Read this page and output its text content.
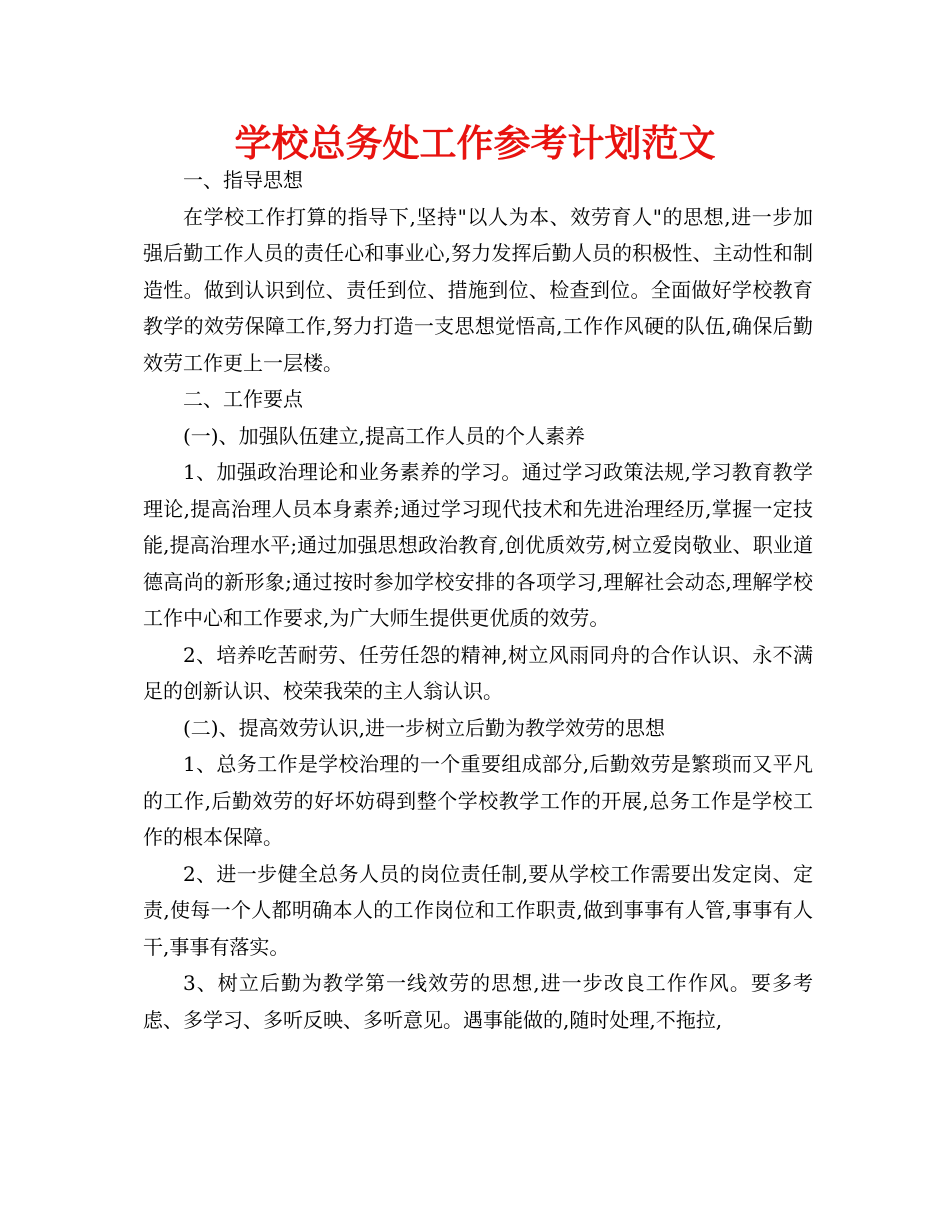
学校总务处工作参考计划范文

一、指导思想

在学校工作打算的指导下,坚持"以人为本、效劳育人"的思想,进一步加强后勤工作人员的责任心和事业心,努力发挥后勤人员的积极性、主动性和制造性。做到认识到位、责任到位、措施到位、检查到位。全面做好学校教育教学的效劳保障工作,努力打造一支思想觉悟高,工作作风硬的队伍,确保后勤效劳工作更上一层楼。

二、工作要点

(一)、加强队伍建立,提高工作人员的个人素养

1、加强政治理论和业务素养的学习。通过学习政策法规,学习教育教学理论,提高治理人员本身素养;通过学习现代技术和先进治理经历,掌握一定技能,提高治理水平;通过加强思想政治教育,创优质效劳,树立爱岗敬业、职业道德高尚的新形象;通过按时参加学校安排的各项学习,理解社会动态,理解学校工作中心和工作要求,为广大师生提供更优质的效劳。

2、培养吃苦耐劳、任劳任怨的精神,树立风雨同舟的合作认识、永不满足的创新认识、校荣我荣的主人翁认识。

(二)、提高效劳认识,进一步树立后勤为教学效劳的思想

1、总务工作是学校治理的一个重要组成部分,后勤效劳是繁琐而又平凡的工作,后勤效劳的好坏妨碍到整个学校教学工作的开展,总务工作是学校工作的根本保障。

2、进一步健全总务人员的岗位责任制,要从学校工作需要出发定岗、定责,使每一个人都明确本人的工作岗位和工作职责,做到事事有人管,事事有人干,事事有落实。

3、树立后勤为教学第一线效劳的思想,进一步改良工作作风。要多考虑、多学习、多听反映、多听意见。遇事能做的,随时处理,不拖拉,
